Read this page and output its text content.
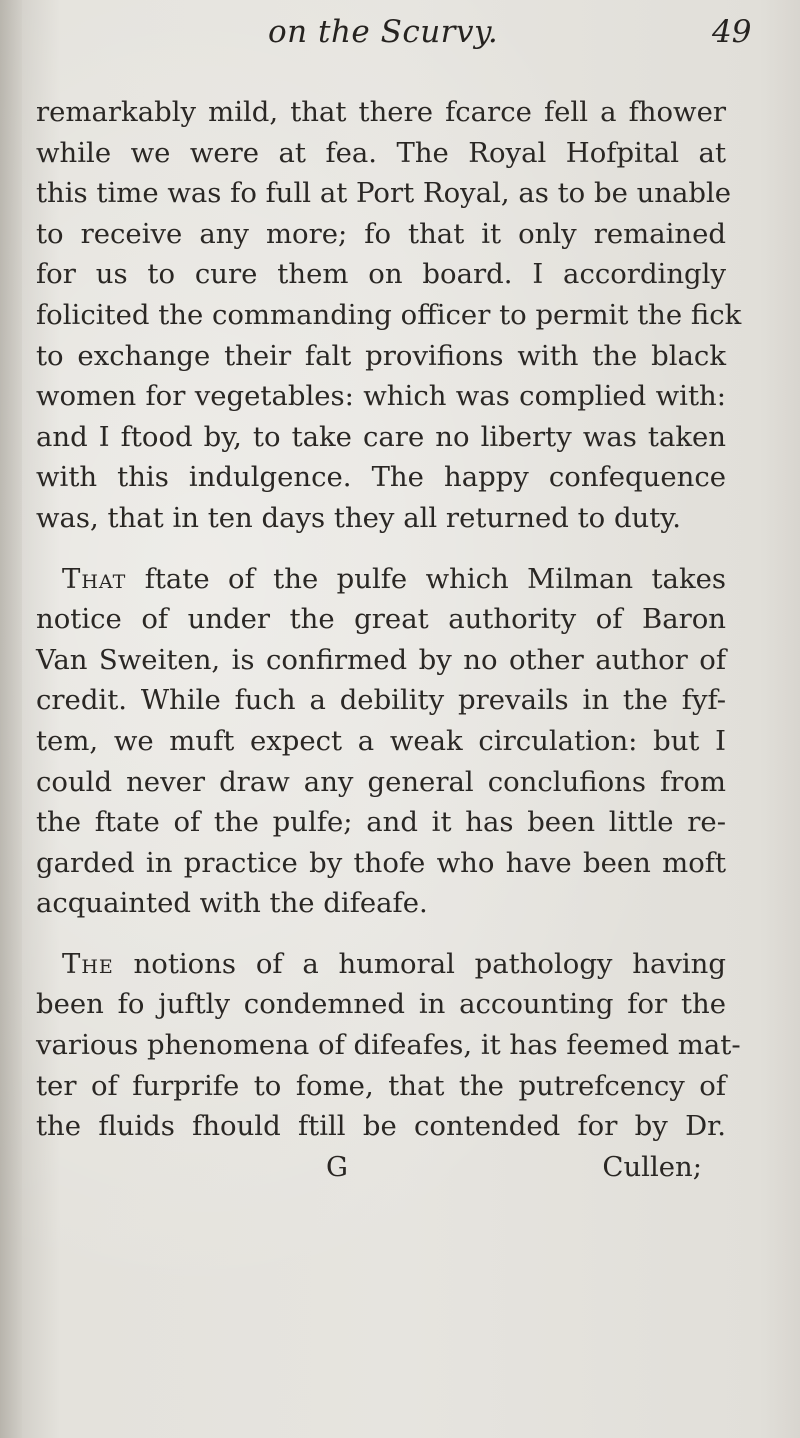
on the Scurvy.	49
remarkably mild, that there fcarce fell a fhower
while we were at fea. The Royal Hofpital at
this time was fo full at Port Royal, as to be unable
to receive any more; fo that it only remained
for us to cure them on board. I accordingly
folicited the commanding officer to permit the fick
to exchange their falt provifions with the black
women for vegetables: which was complied with:
and I ftood by, to take care no liberty was taken
with this indulgence. The happy confequence
was, that in ten days they all returned to duty.
That ftate of the pulfe which Milman takes
notice of under the great authority of Baron
Van Sweiten, is confirmed by no other author of
credit. While fuch a debility prevails in the fyf-
tem, we muft expect a weak circulation: but I
could never draw any general conclufions from
the ftate of the pulfe; and it has been little re-
garded in practice by thofe who have been moft
acquainted with the difeafe.
The notions of a humoral pathology having
been fo juftly condemned in accounting for the
various phenomena of difeafes, it has feemed mat-
ter of furprife to fome, that the putrefcency of
the fluids fhould ftill be contended for by Dr.
G	Cullen;
